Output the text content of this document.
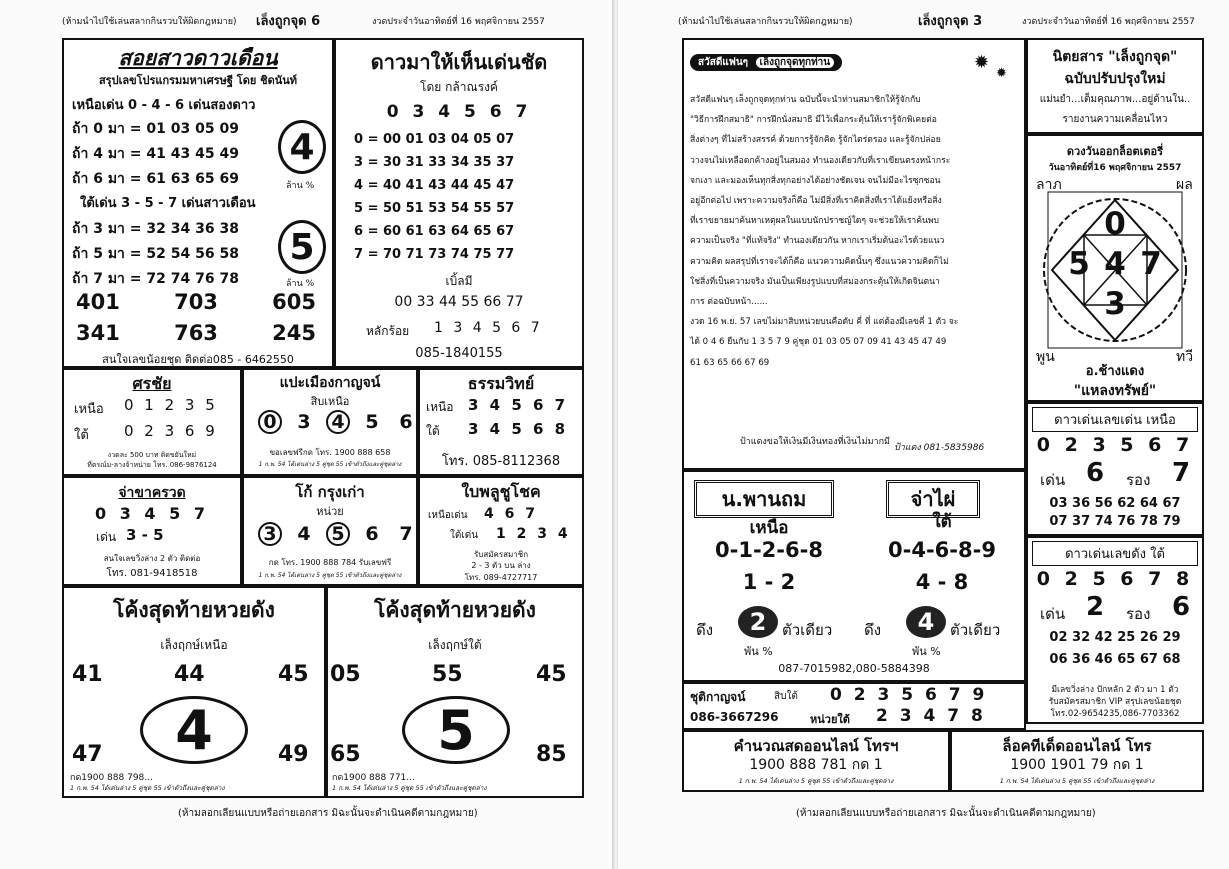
(ห้ามนำไปใช้เล่นสลากกินรวบให้ผิดกฎหมาย) เล็งถูกจุด 6	งวดประจำวันอาทิตย์ที่ 16 พฤศจิกายน 2557
สอยสาวดาวเดือน
สรุปเลขโปรแกรมมหาเศรษฐี โดย ชิดนันท์
เหนือเด่น 0 - 4 - 6 เด่นสองดาว
ถ้า 0 มา = 01 03 05 09
ถ้า 4 มา = 41 43 45 49
ถ้า 6 มา = 61 63 65 69
4
ล้าน %
ใต้เด่น 3 - 5 - 7 เด่นสาวเดือน
ถ้า 3 มา = 32 34 36 38
ถ้า 5 มา = 52 54 56 58
ถ้า 7 มา = 72 74 76 78
5
ล้าน %
401	703	605
341	763	245
สนใจเลขน้อยชุด ติดต่อ085 - 6462550
ดาวมาให้เห็นเด่นชัด
โดย กล้าณรงค์
0 3 4 5 6 7
0 = 00 01 03 04 05 07
3 = 30 31 33 34 35 37
4 = 40 41 43 44 45 47
5 = 50 51 53 54 55 57
6 = 60 61 63 64 65 67
7 = 70 71 73 74 75 77
เบิ้ลมี
00 33 44 55 66 77
หลักร้อย 1 3 4 5 6 7
085-1840155
ศรชัย
เหนือ 0 1 2 3 5
ใต้ 0 2 3 6 9
งวดละ 500 บาท ติดขยันใหม่
ที่ตรณ์ม-ลางจ้าหน่าย โทร. 086-9876124
แปะเมืองกาญจน์
สิบเหนือ
0 3 4 5 6
ขอเลขฟรีกด โทร. 1900 888 658
1 ก.พ. 54 ได้เด่นล่าง 5 คู่ชุด 55 เข้าตัวถึงและคู่ชุดล่าง
ธรรมวิทย์
เหนือ 3 4 5 6 7
ใต้ 3 4 5 6 8
โทร. 085-8112368
จ่าขาครวด
0 3 4 5 7
เด่น 3 - 5
สนใจเลขวิ่งล่าง 2 ตัว ติดต่อ
โทร. 081-9418518
โก้ กรุงเก่า
หน่วย
3 4 5 6 7
กด โทร. 1900 888 784 รับเลขฟรี
1 ก.พ. 54 ได้เด่นล่าง 5 คู่ชุด 55 เข้าตัวถึงและคู่ชุดล่าง
ใบพลูชูโชค
เหนือเด่น 4 6 7
ใต้เด่น 1 2 3 4
รับสมัครสมาชิก
2 - 3 ตัว บน ล่าง
โทร. 089-4727717
โค้งสุดท้ายหวยดัง
เล็งฤกษ์เหนือ
41	44	45
4
47	49
กด1900 888 798...
1 ก.พ. 54 ได้เด่นล่าง 5 คู่ชุด 55 เข้าตัวถึงและคู่ชุดล่าง
โค้งสุดท้ายหวยดัง
เล็งฤกษ์ใต้
05	55	45
5
65	85
กด1900 888 771...
1 ก.พ. 54 ได้เด่นล่าง 5 คู่ชุด 55 เข้าตัวถึงและคู่ชุดล่าง
(ห้ามลอกเลียนแบบหรือถ่ายเอกสาร มิฉะนั้นจะดำเนินคดีตามกฎหมาย)
(ห้ามนำไปใช้เล่นสลากกินรวบให้ผิดกฎหมาย)	เล็งถูกจุด 3	งวดประจำวันอาทิตย์ที่ 16 พฤศจิกายน 2557
สวัสดีแฟนๆ เล็งถูกจุดทุกท่าน	✹
✹
สวัสดีแฟนๆ เล็งถูกจุดทุกท่าน ฉบับนี้จะนำท่านสมาชิกให้รู้จักกับ
"วิธีการฝึกสมาธิ" การฝึกนั่งสมาธิ มีไว้เพื่อกระตุ้นให้เรารู้จักพิเคยต่อ
สิ่งต่างๆ ที่ไม่สร้างสรรค์ ด้วยการรู้จักคิด รู้จักไตร่ตรอง และรู้จักปล่อย
วางจนไม่เหลือตกค้างอยู่ในสมอง ทำนองเดียวกับที่เราเขียนตรงหน้ากระ
จกเงา และมองเห็นทุกสิ่งทุกอย่างได้อย่างชัดเจน จนไม่มีอะไรซุกซอน
อยู่อีกต่อไป เพราะความจริงก็คือ ไม่มีสิ่งที่เราคิดสิ่งที่เราได้แย้งหรือสิ่ง
ที่เราขยายมาค้นหาเหตุผลในแบบนักปราชญ์ใดๆ จะช่วยให้เราค้นพบ
ความเป็นจริง "ที่แท้จริง" ทำนองเดียวกัน หากเราเริ่มต้นอะไรด้วยแนว
ความคิด ผลสรุปที่เราจะได้ก็คือ แนวความคิดนั้นๆ ซึ่งแนวความคิดก็ไม่
ใช่สิ่งที่เป็นความจริง มันเป็นเพียงรูปแบบที่สมองกระตุ้นให้เกิดจินตนา
การ ต่อฉบับหน้า......
งวด 16 พ.ย. 57 เลขไม่มาสิบหน่วยบนคือดับ คี่ ที่ แต่ต้องมีเลขคี่ 1 ตัว จะ
ได้ 0 4 6 ยืนกับ 1 3 5 7 9 คู่ชุด 01 03 05 07 09 41 43 45 47 49
61 63 65 66 67 69
ป้าแดงขอให้เงินมีเงินทองที่เงินไม่มากมี
ป้าแดง 081-5835986
นิตยสาร "เล็งถูกจุด"
ฉบับปรับปรุงใหม่
แม่นยำ...เต็มคุณภาพ...อยู่ด้านใน..
รายงานความเคลื่อนไหว
ดวงวันออกล็อตเตอรี่
วันอาทิตย์ที่16 พฤศจิกายน 2557
ลาภ	ผล
พูน	ทวี
0
5 4 7
3
อ.ช้างแดง
"แหลงทรัพย์"
ดาวเด่นเลขเด่น เหนือ
0 2 3 5 6 7
เด่น 6 รอง 7
03 36 56 62 64 67
07 37 74 76 78 79
ดาวเด่นเลขดัง ใต้
0 2 5 6 7 8
เด่น 2 รอง 6
02 32 42 25 26 29
06 36 46 65 67 68
มีเลขวิ่งล่าง ปักหลัก 2 ตัว มา 1 ตัว
รับสมัครสมาชิก VIP สรุปเลขน้อยชุด
โทร.02-9654235,086-7703362
น.พานถม
เหนือ
0-1-2-6-8
1 - 2
ดึง	2	ตัวเดียว
พัน %
จ่าไผ่
ใต้
0-4-6-8-9
4 - 8
ดึง	4	ตัวเดียว
พัน %
087-7015982,080-5884398
ชุติกาญจน์	สิบใต้ 0 2 3 5 6 7 9
086-3667296	หน่วยใต้ 2 3 4 7 8
คำนวณสดออนไลน์ โทรฯ
1900 888 781 กด 1
1 ก.พ. 54 ได้เด่นล่าง 5 คู่ชุด 55 เข้าตัวถึงและคู่ชุดล่าง
ล็อคทีเด็ดออนไลน์ โทร
1900 1901 79 กด 1
1 ก.พ. 54 ได้เด่นล่าง 5 คู่ชุด 55 เข้าตัวถึงและคู่ชุดล่าง
(ห้ามลอกเลียนแบบหรือถ่ายเอกสาร มิฉะนั้นจะดำเนินคดีตามกฎหมาย)
